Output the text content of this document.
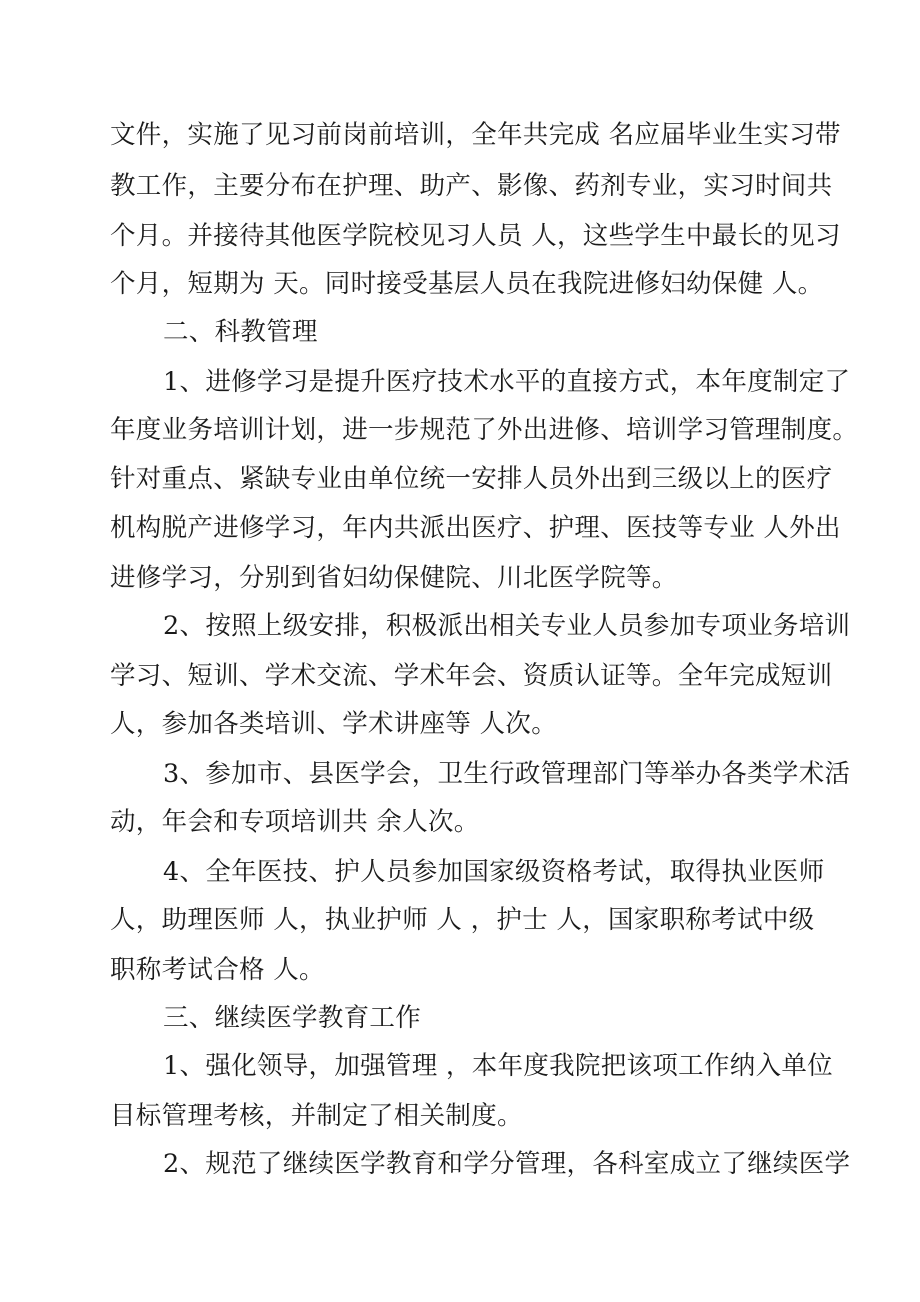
文件，实施了见习前岗前培训，全年共完成 名应届毕业生实习带
教工作，主要分布在护理、助产、影像、药剂专业，实习时间共
个月。并接待其他医学院校见习人员 人，这些学生中最长的见习
个月，短期为 天。同时接受基层人员在我院进修妇幼保健 人。
二、科教管理
1、进修学习是提升医疗技术水平的直接方式，本年度制定了
年度业务培训计划，进一步规范了外出进修、培训学习管理制度。
针对重点、紧缺专业由单位统一安排人员外出到三级以上的医疗
机构脱产进修学习，年内共派出医疗、护理、医技等专业 人外出
进修学习，分别到省妇幼保健院、川北医学院等。
2、按照上级安排，积极派出相关专业人员参加专项业务培训
学习、短训、学术交流、学术年会、资质认证等。全年完成短训
人，参加各类培训、学术讲座等 人次。
3、参加市、县医学会，卫生行政管理部门等举办各类学术活
动，年会和专项培训共 余人次。
4、全年医技、护人员参加国家级资格考试，取得执业医师
人，助理医师 人，执业护师 人 ，护士 人，国家职称考试中级
职称考试合格 人。
三、继续医学教育工作
1、强化领导，加强管理 ，本年度我院把该项工作纳入单位
目标管理考核，并制定了相关制度。
2、规范了继续医学教育和学分管理，各科室成立了继续医学
